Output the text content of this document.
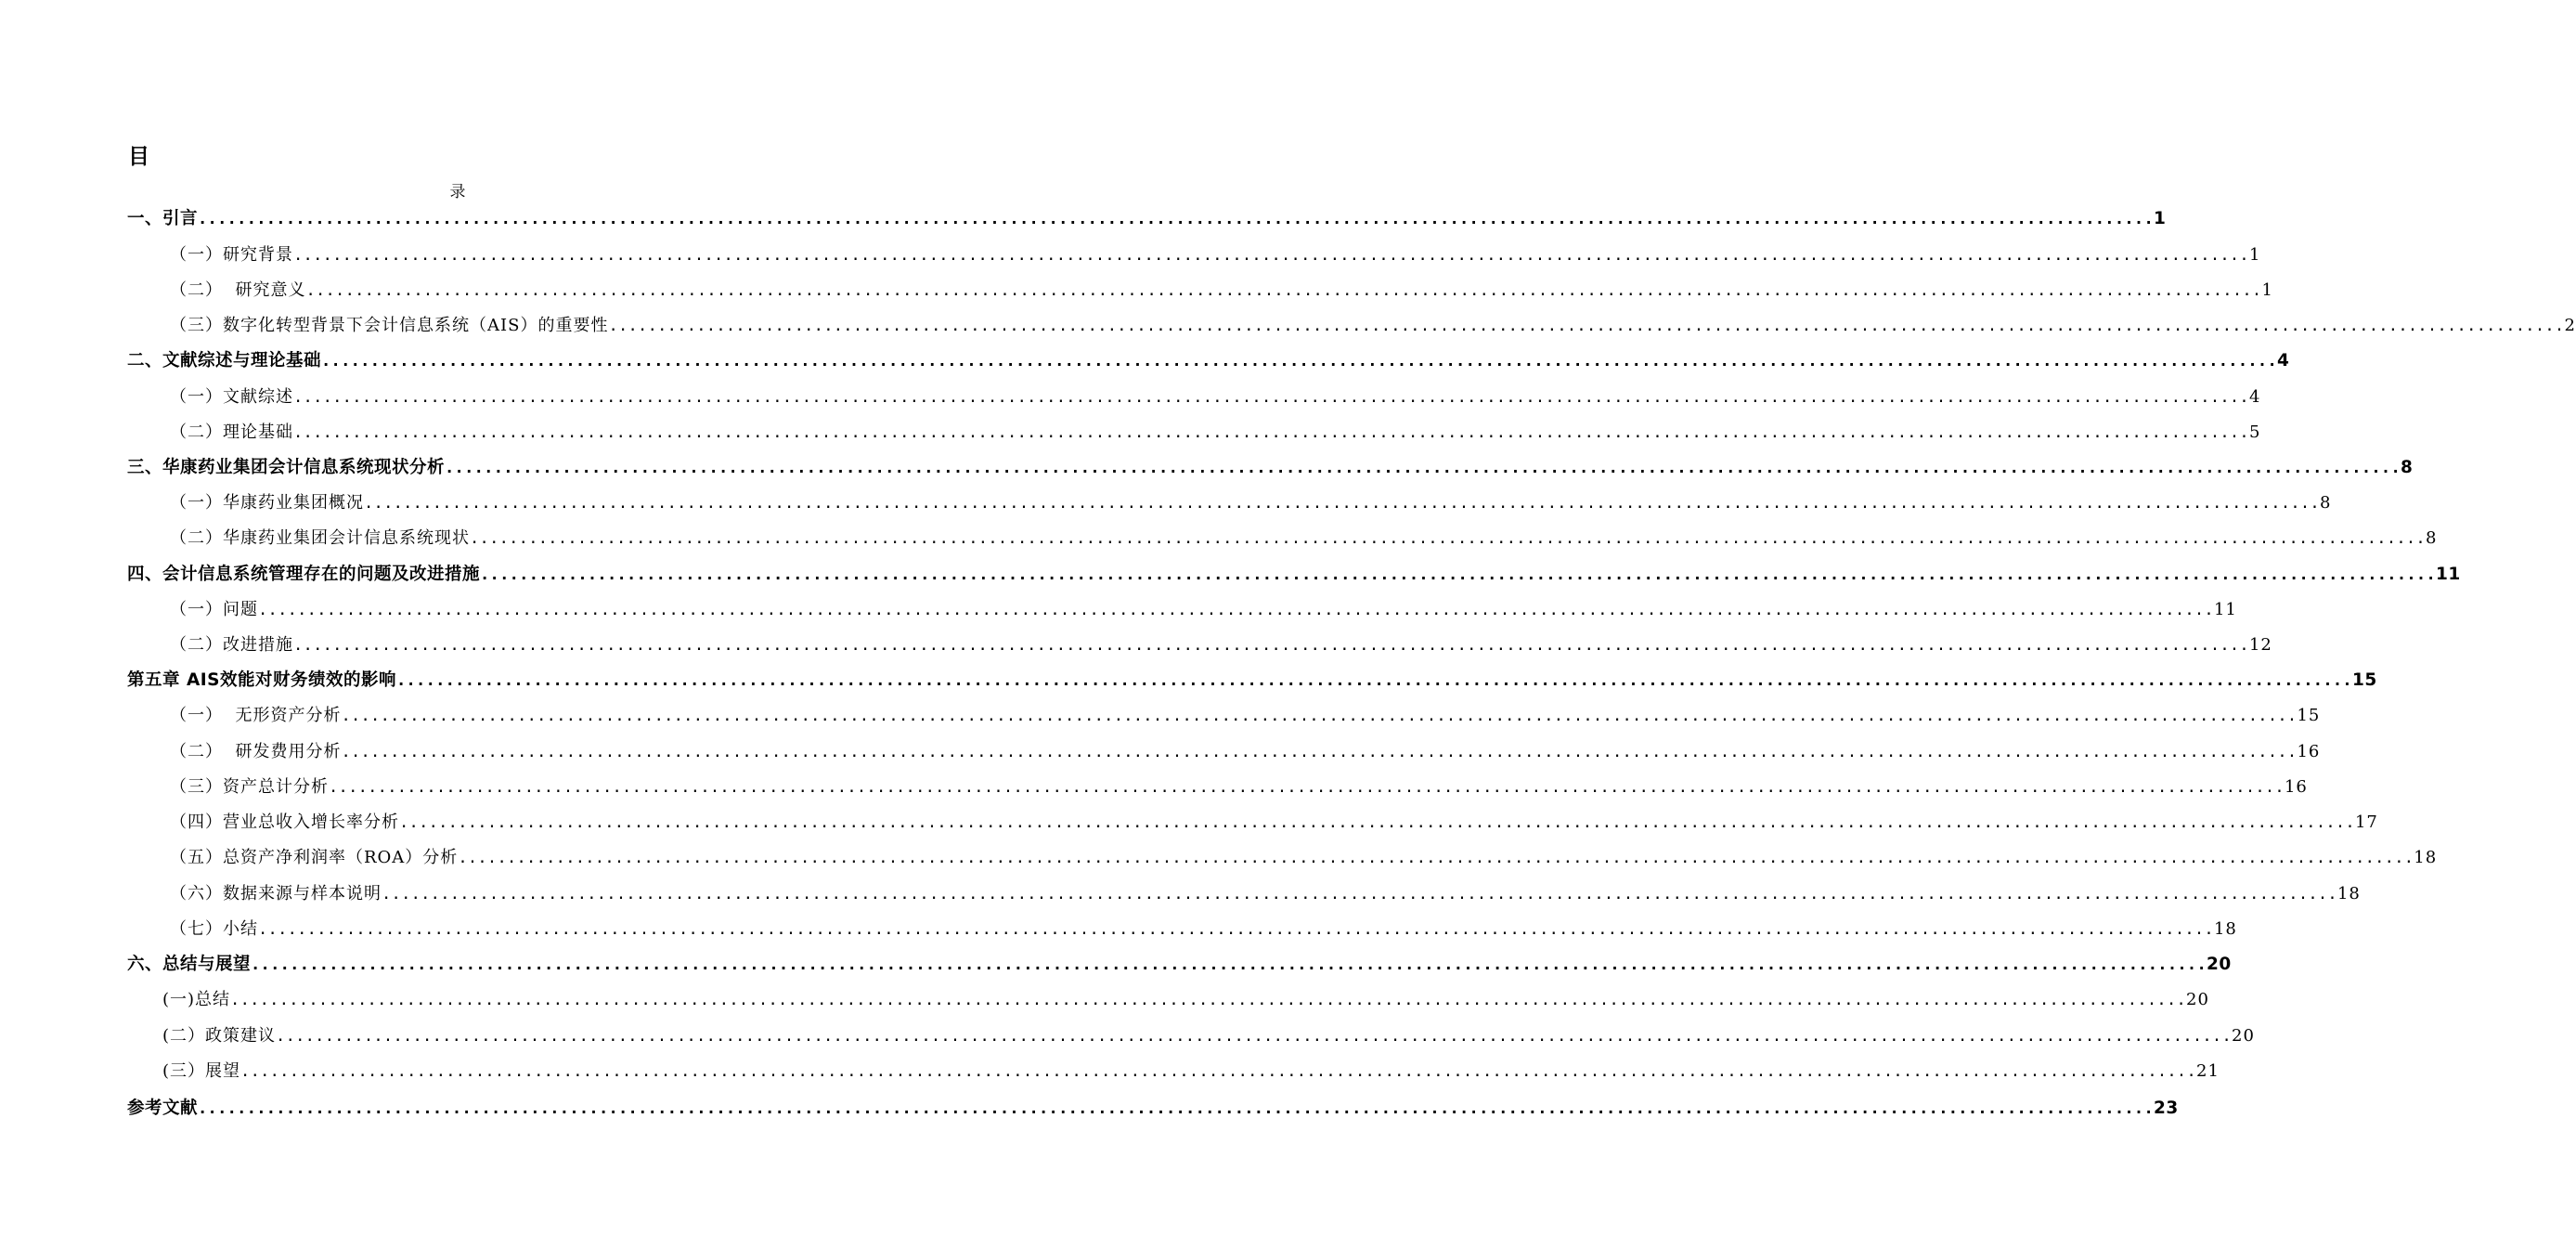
目
录
一、引言 ........................................................................................................................................................................................................ 1
（一）研究背景 ........................................................................................................................................................................................................ 1
（二）  研究意义 ........................................................................................................................................................................................................ 1
（三）数字化转型背景下会计信息系统（AIS）的重要性 ........................................................................................................................................................................................................ 2
二、文献综述与理论基础 ........................................................................................................................................................................................................ 4
（一）文献综述 ........................................................................................................................................................................................................ 4
（二）理论基础 ........................................................................................................................................................................................................ 5
三、华康药业集团会计信息系统现状分析 ........................................................................................................................................................................................................ 8
（一）华康药业集团概况 ........................................................................................................................................................................................................ 8
（二）华康药业集团会计信息系统现状 ........................................................................................................................................................................................................ 8
四、会计信息系统管理存在的问题及改进措施 ........................................................................................................................................................................................................ 11
（一）问题 ........................................................................................................................................................................................................ 11
（二）改进措施 ........................................................................................................................................................................................................ 12
第五章 AIS效能对财务绩效的影响 ........................................................................................................................................................................................................ 15
（一）  无形资产分析 ........................................................................................................................................................................................................ 15
（二）  研发费用分析 ........................................................................................................................................................................................................ 16
（三）资产总计分析 ........................................................................................................................................................................................................ 16
（四）营业总收入增长率分析 ........................................................................................................................................................................................................ 17
（五）总资产净利润率（ROA）分析 ........................................................................................................................................................................................................ 18
（六）数据来源与样本说明 ........................................................................................................................................................................................................ 18
（七）小结 ........................................................................................................................................................................................................ 18
六、总结与展望 ........................................................................................................................................................................................................ 20
(一)总结 ........................................................................................................................................................................................................ 20
(二）政策建议 ........................................................................................................................................................................................................ 20
(三）展望 ........................................................................................................................................................................................................ 21
参考文献 ........................................................................................................................................................................................................ 23
